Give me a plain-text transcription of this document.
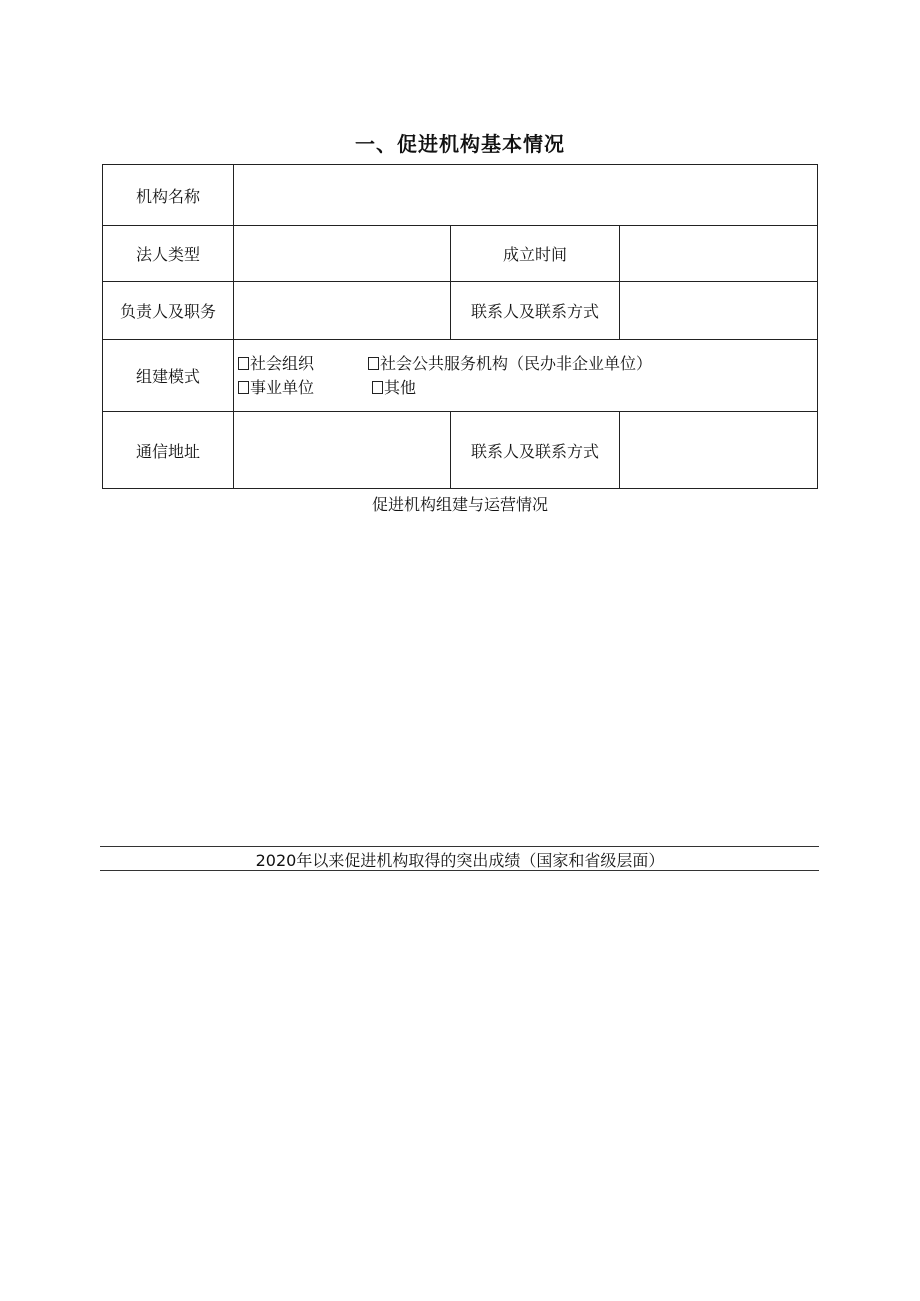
一、促进机构基本情况
机构名称			
法人类型		成立时间	
负责人及职务		联系人及联系方式	
组建模式	社会组织 社会公共服务机构（民办非企业单位）
事业单位 其他		

通信地址		联系人及联系方式	
促进机构组建与运营情况
2020年以来促进机构取得的突出成绩（国家和省级层面）
